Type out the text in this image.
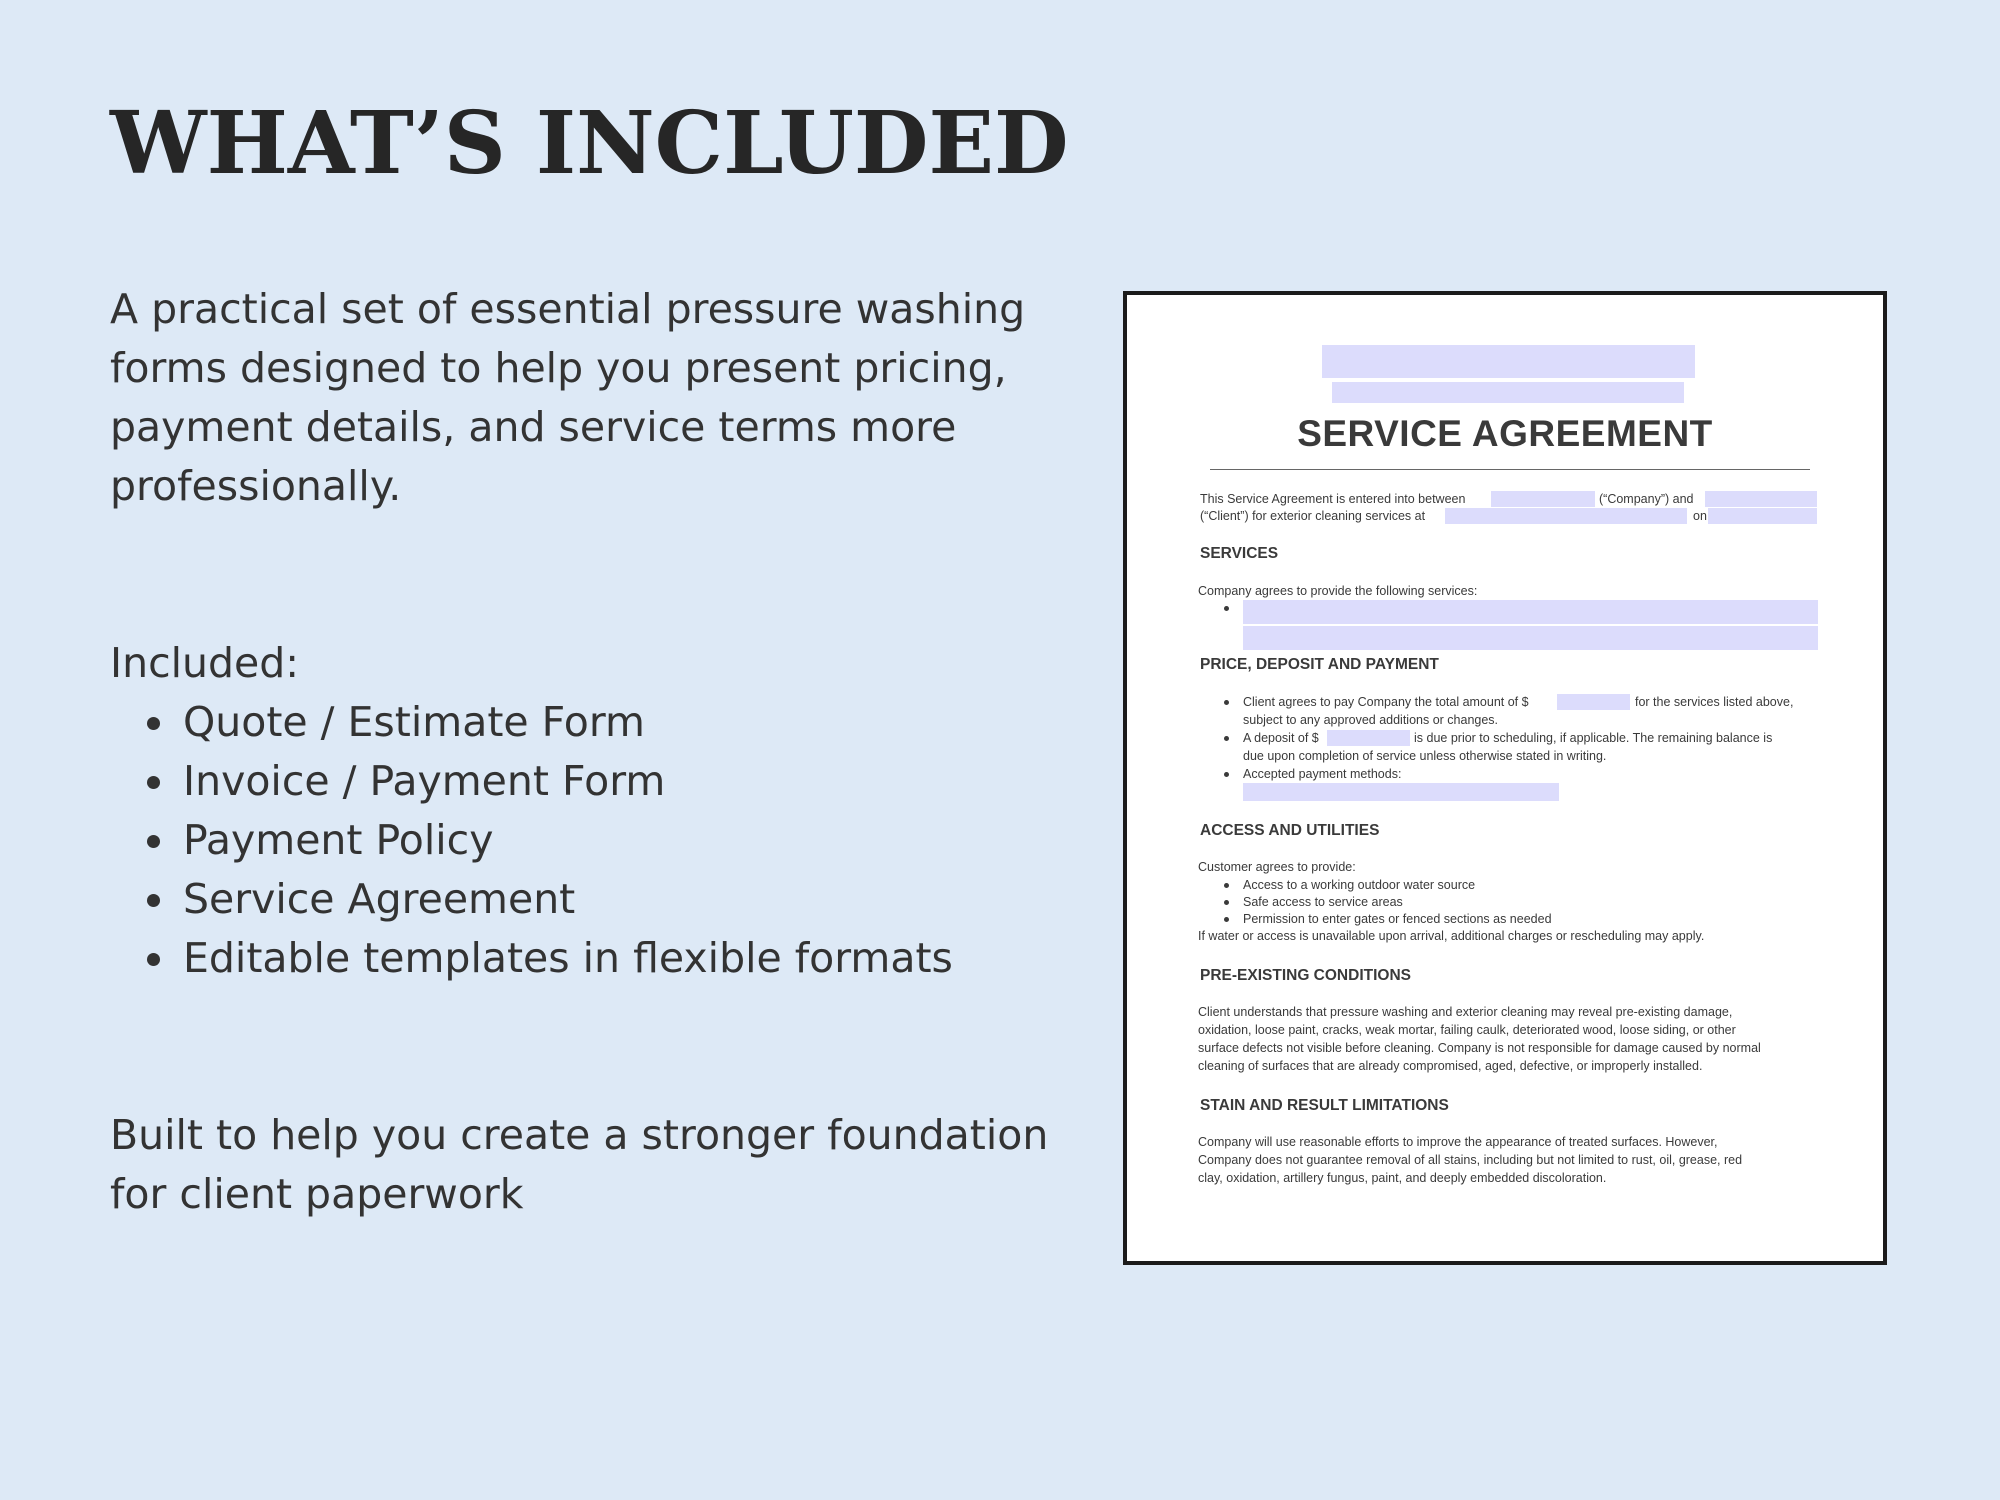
WHAT’S INCLUDED

A practical set of essential pressure washing forms designed to help you present pricing, payment details, and service terms more professionally.

Included:

Quote / Estimate Form
Invoice / Payment Form
Payment Policy
Service Agreement
Editable templates in flexible formats

Built to help you create a stronger foundation for client paperwork

SERVICE AGREEMENT
This Service Agreement is entered into between	(“Company”) and
(“Client”) for exterior cleaning services at	on
SERVICES
Company agrees to provide the following services:
PRICE, DEPOSIT AND PAYMENT
Client agrees to pay Company the total amount of $	for the services listed above,
subject to any approved additions or changes.
A deposit of $	is due prior to scheduling, if applicable. The remaining balance is
due upon completion of service unless otherwise stated in writing.
Accepted payment methods:
ACCESS AND UTILITIES
Customer agrees to provide:
Access to a working outdoor water source
Safe access to service areas
Permission to enter gates or fenced sections as needed
If water or access is unavailable upon arrival, additional charges or rescheduling may apply.
PRE-EXISTING CONDITIONS
Client understands that pressure washing and exterior cleaning may reveal pre-existing damage,
oxidation, loose paint, cracks, weak mortar, failing caulk, deteriorated wood, loose siding, or other
surface defects not visible before cleaning. Company is not responsible for damage caused by normal
cleaning of surfaces that are already compromised, aged, defective, or improperly installed.
STAIN AND RESULT LIMITATIONS
Company will use reasonable efforts to improve the appearance of treated surfaces. However,
Company does not guarantee removal of all stains, including but not limited to rust, oil, grease, red
clay, oxidation, artillery fungus, paint, and deeply embedded discoloration.
